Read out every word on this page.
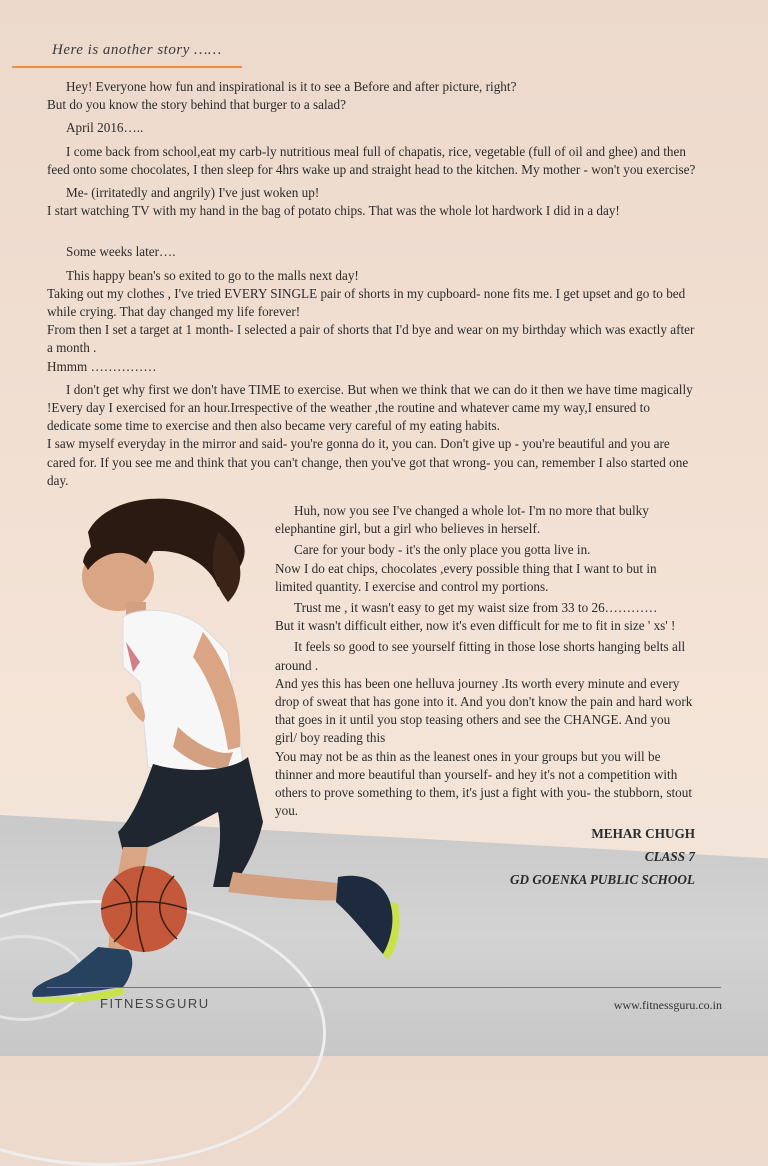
Here is another story ……

Hey! Everyone how fun and inspirational is it to see a Before and after picture, right?

But do you know the story behind that burger to a salad?

April 2016…..

I come back from school,eat my carb-ly nutritious meal full of chapatis, rice, vegetable (full of oil and ghee) and then feed onto some chocolates, I then sleep for 4hrs wake up and straight head to the kitchen. My mother - won't you exercise?

Me- (irritatedly and angrily) I've just woken up!

I start watching TV with my hand in the bag of potato chips. That was the whole lot hardwork I did in a day!

Some weeks later….

This happy bean's so exited to go to the malls next day!

Taking out my clothes , I've tried EVERY SINGLE pair of shorts in my cupboard- none fits me. I get upset and go to bed while crying. That day changed my life forever!

From then I set a target at 1 month- I selected a pair of shorts that I'd bye and wear on my birthday which was exactly after a month .

Hmmm ……………

I don't get why first we don't have TIME to exercise. But when we think that we can do it then we have time magically !Every day I exercised for an hour.Irrespective of the weather ,the routine and whatever came my way,I ensured to dedicate some time to exercise and then also became very careful of my eating habits.

I saw myself everyday in the mirror and said- you're gonna do it, you can. Don't give up - you're beautiful and you are cared for. If you see me and think that you can't change, then you've got that wrong- you can, remember I also started one day.

Huh, now you see I've changed a whole lot- I'm no more that bulky elephantine girl, but a girl who believes in herself.

Care for your body - it's the only place you gotta live in.

Now I do eat chips, chocolates ,every possible thing that I want to but in limited quantity. I exercise and control my portions.

Trust me , it wasn't easy to get my waist size from 33 to 26…………

But it wasn't difficult either, now it's even difficult for me to fit in size ' xs' !

It feels so good to see yourself fitting in those lose shorts hanging belts all around .

And yes this has been one helluva journey .Its worth every minute and every drop of sweat that has gone into it. And you don't know the pain and hard work that goes in it until you stop teasing others and see the CHANGE. And you girl/ boy reading this

You may not be as thin as the leanest ones in your groups but you will be thinner and more beautiful than yourself- and hey it's not a competition with others to prove something to them, it's just a fight with you- the stubborn, stout you.

MEHAR CHUGH
CLASS 7
GD GOENKA PUBLIC SCHOOL
FITNESSGURU	www.fitnessguru.co.in
